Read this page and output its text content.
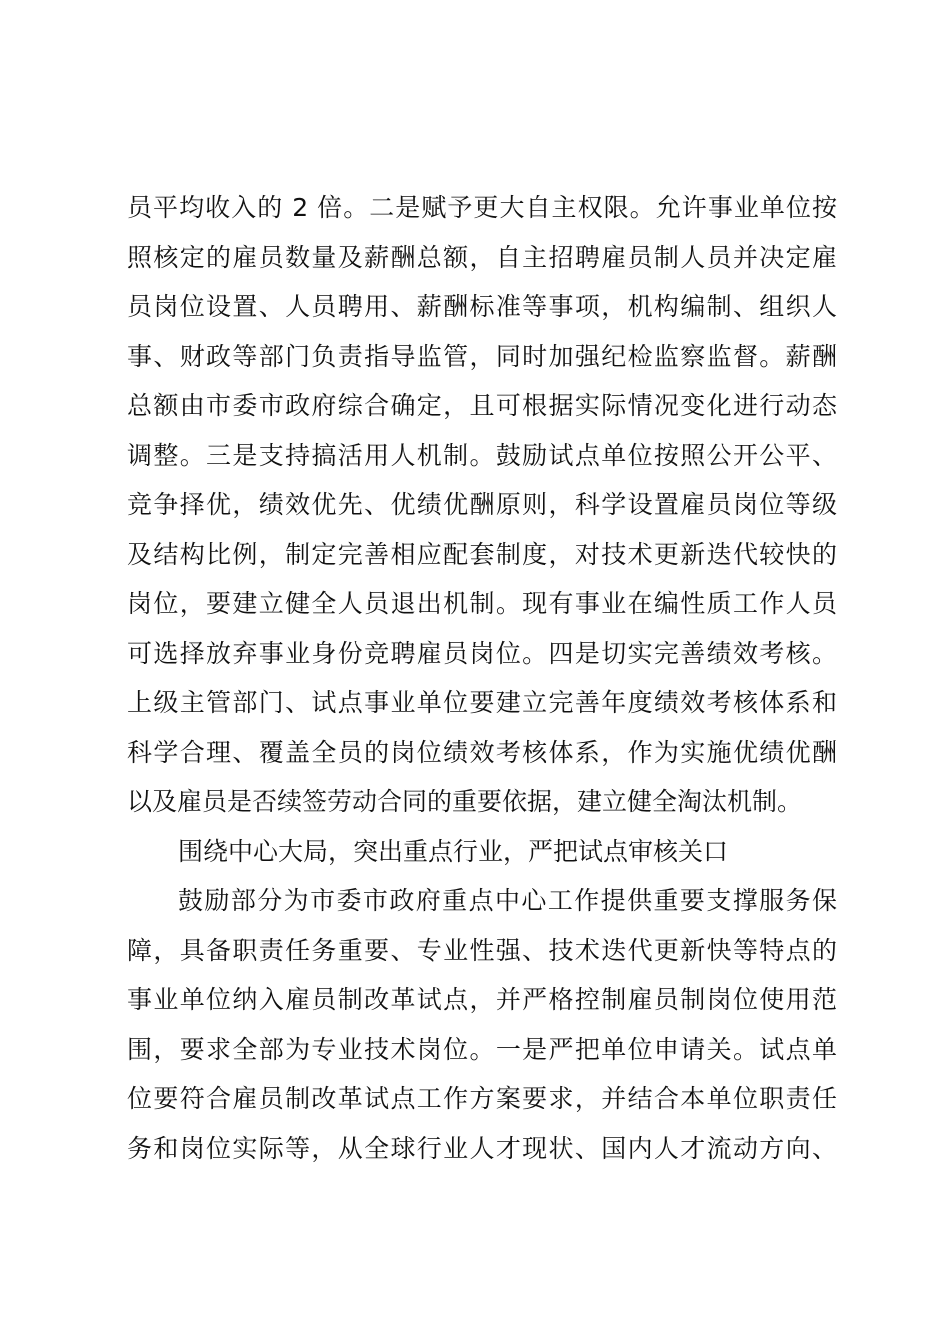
员平均收入的 2 倍。二是赋予更大自主权限。允许事业单位按
照核定的雇员数量及薪酬总额，自主招聘雇员制人员并决定雇
员岗位设置、人员聘用、薪酬标准等事项，机构编制、组织人
事、财政等部门负责指导监管，同时加强纪检监察监督。薪酬
总额由市委市政府综合确定，且可根据实际情况变化进行动态
调整。三是支持搞活用人机制。鼓励试点单位按照公开公平、
竞争择优，绩效优先、优绩优酬原则，科学设置雇员岗位等级
及结构比例，制定完善相应配套制度，对技术更新迭代较快的
岗位，要建立健全人员退出机制。现有事业在编性质工作人员
可选择放弃事业身份竞聘雇员岗位。四是切实完善绩效考核。
上级主管部门、试点事业单位要建立完善年度绩效考核体系和
科学合理、覆盖全员的岗位绩效考核体系，作为实施优绩优酬
以及雇员是否续签劳动合同的重要依据，建立健全淘汰机制。
围绕中心大局，突出重点行业，严把试点审核关口
鼓励部分为市委市政府重点中心工作提供重要支撑服务保
障，具备职责任务重要、专业性强、技术迭代更新快等特点的
事业单位纳入雇员制改革试点，并严格控制雇员制岗位使用范
围，要求全部为专业技术岗位。一是严把单位申请关。试点单
位要符合雇员制改革试点工作方案要求，并结合本单位职责任
务和岗位实际等，从全球行业人才现状、国内人才流动方向、
